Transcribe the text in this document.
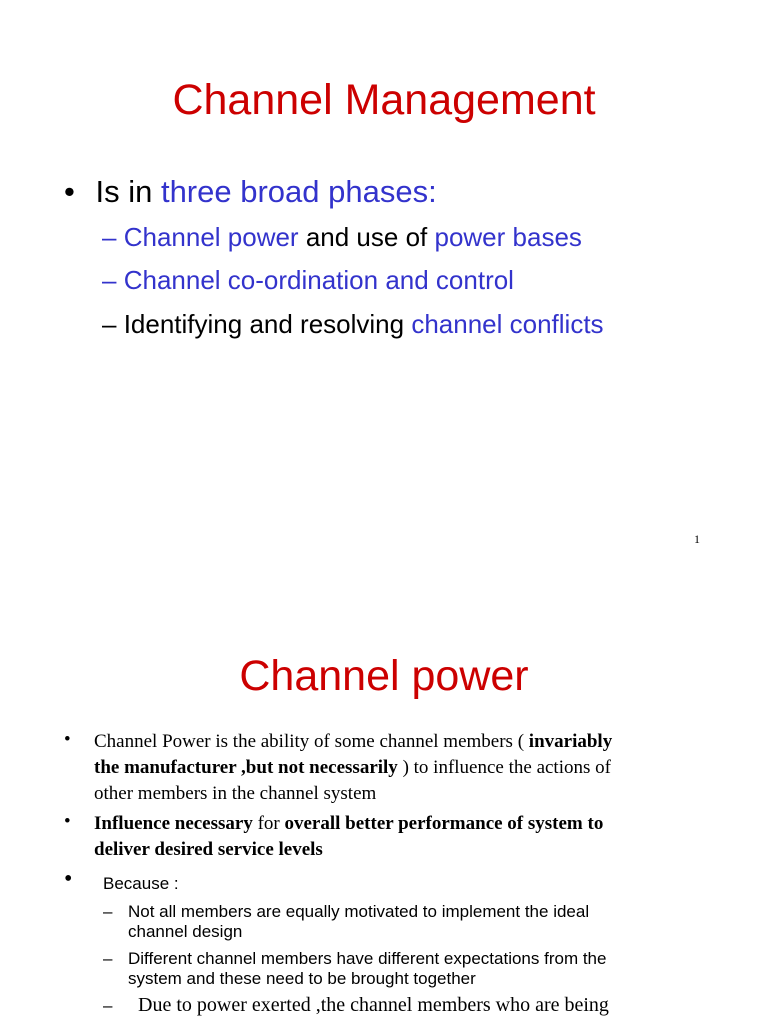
Channel Management
• Is in three broad phases:
– Channel power and use of power bases
– Channel co-ordination and control
– Identifying and resolving channel conflicts
1
Channel power
• Channel Power is the ability of some channel members ( invariably
the manufacturer ,but not necessarily ) to influence the actions of
other members in the channel system
• Influence necessary for overall better performance of system to
deliver desired service levels
• Because :
– Not all members are equally motivated to implement the ideal
channel design
– Different channel members have different expectations from the
system and these need to be brought together
– Due to power exerted ,the channel members who are being
